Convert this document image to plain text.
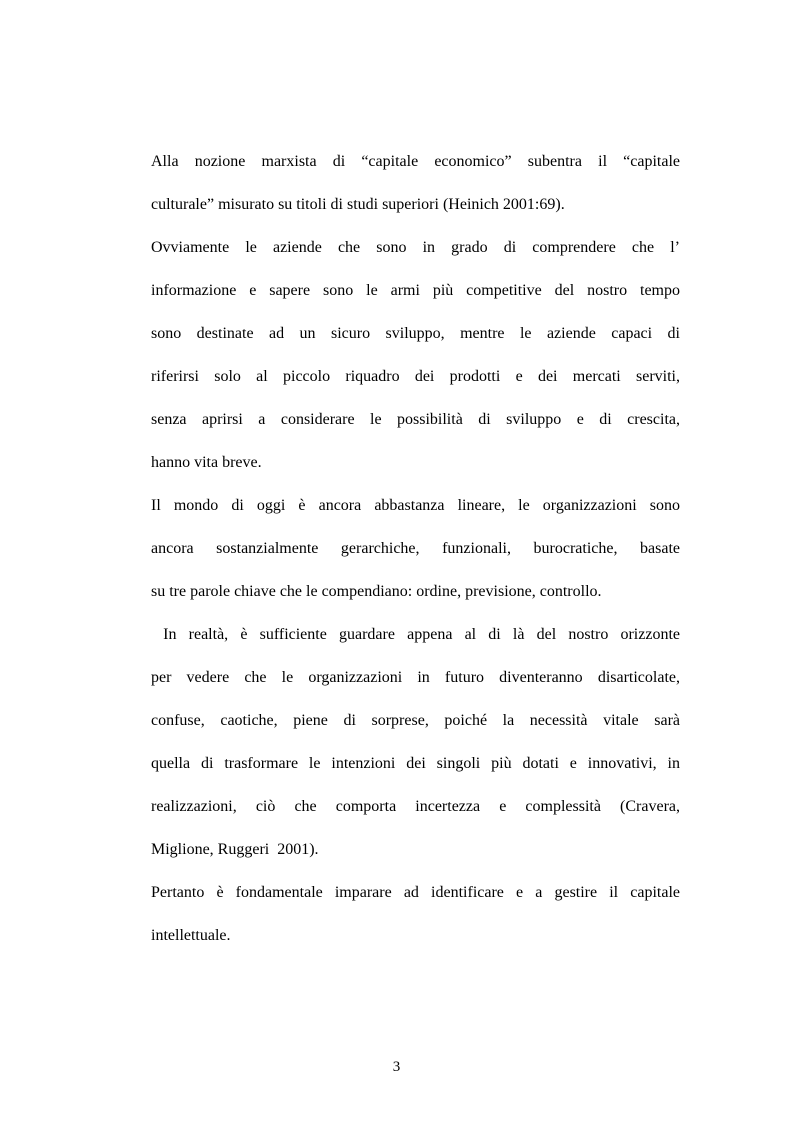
Alla nozione marxista di “capitale economico” subentra il “capitale
culturale” misurato su titoli di studi superiori (Heinich 2001:69).
Ovviamente le aziende che sono in grado di comprendere che l’
informazione e sapere sono le armi più competitive del nostro tempo
sono destinate ad un sicuro sviluppo, mentre le aziende capaci di
riferirsi solo al piccolo riquadro dei prodotti e dei mercati serviti,
senza aprirsi a considerare le possibilità di sviluppo e di crescita,
hanno vita breve.
Il mondo di oggi è ancora abbastanza lineare, le organizzazioni sono
ancora sostanzialmente gerarchiche, funzionali, burocratiche, basate
su tre parole chiave che le compendiano: ordine, previsione, controllo.
In realtà, è sufficiente guardare appena al di là del nostro orizzonte
per vedere che le organizzazioni in futuro diventeranno disarticolate,
confuse, caotiche, piene di sorprese, poiché la necessità vitale sarà
quella di trasformare le intenzioni dei singoli più dotati e innovativi, in
realizzazioni, ciò che comporta incertezza e complessità (Cravera,
Miglione, Ruggeri  2001).
Pertanto è fondamentale imparare ad identificare e a gestire il capitale
intellettuale.
3
